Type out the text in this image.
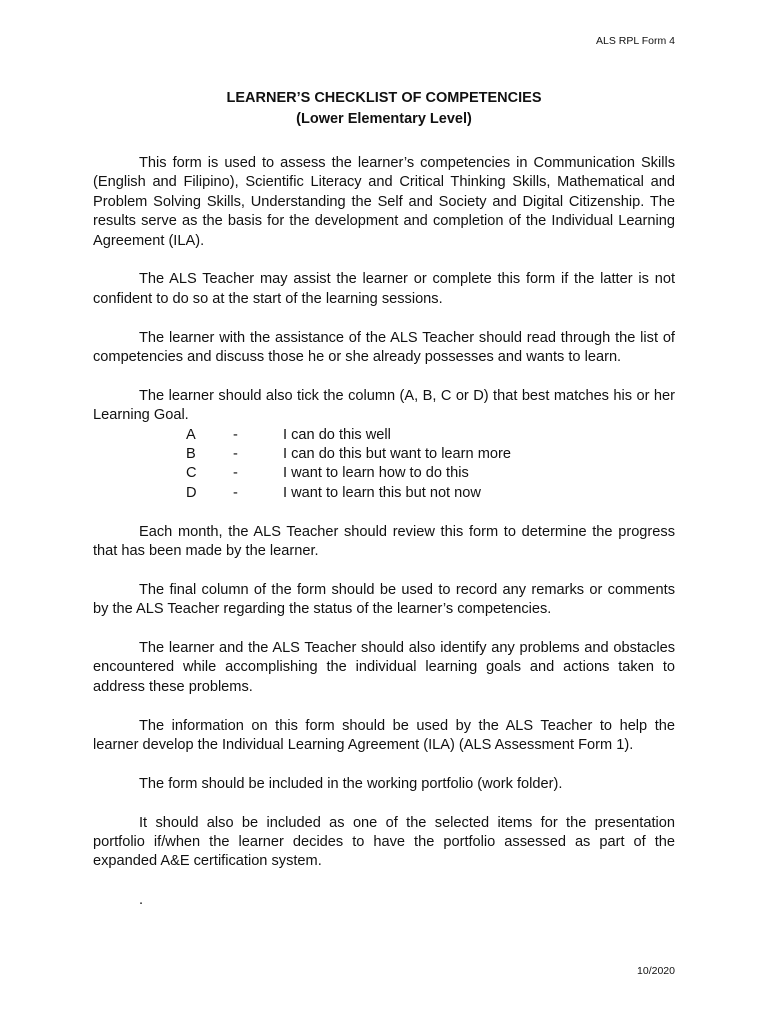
ALS RPL Form 4
LEARNER’S CHECKLIST OF COMPETENCIES
(Lower Elementary Level)

This form is used to assess the learner’s competencies in Communication Skills (English and Filipino), Scientific Literacy and Critical Thinking Skills, Mathematical and Problem Solving Skills, Understanding the Self and Society and Digital Citizenship. The results serve as the basis for the development and completion of the Individual Learning Agreement (ILA).

The ALS Teacher may assist the learner or complete this form if the latter is not confident to do so at the start of the learning sessions.

The learner with the assistance of the ALS Teacher should read through the list of competencies and discuss those he or she already possesses and wants to learn.

The learner should also tick the column (A, B, C or D) that best matches his or her Learning Goal.

A	-	I can do this well
B	-	I can do this but want to learn more
C	-	I want to learn how to do this
D	-	I want to learn this but not now

Each month, the ALS Teacher should review this form to determine the progress that has been made by the learner.

The final column of the form should be used to record any remarks or comments by the ALS Teacher regarding the status of the learner’s competencies.

The learner and the ALS Teacher should also identify any problems and obstacles encountered while accomplishing the individual learning goals and actions taken to address these problems.

The information on this form should be used by the ALS Teacher to help the learner develop the Individual Learning Agreement (ILA) (ALS Assessment Form 1).

The form should be included in the working portfolio (work folder).

It should also be included as one of the selected items for the presentation portfolio if/when the learner decides to have the portfolio assessed as part of the expanded A&E certification system.

.
10/2020
